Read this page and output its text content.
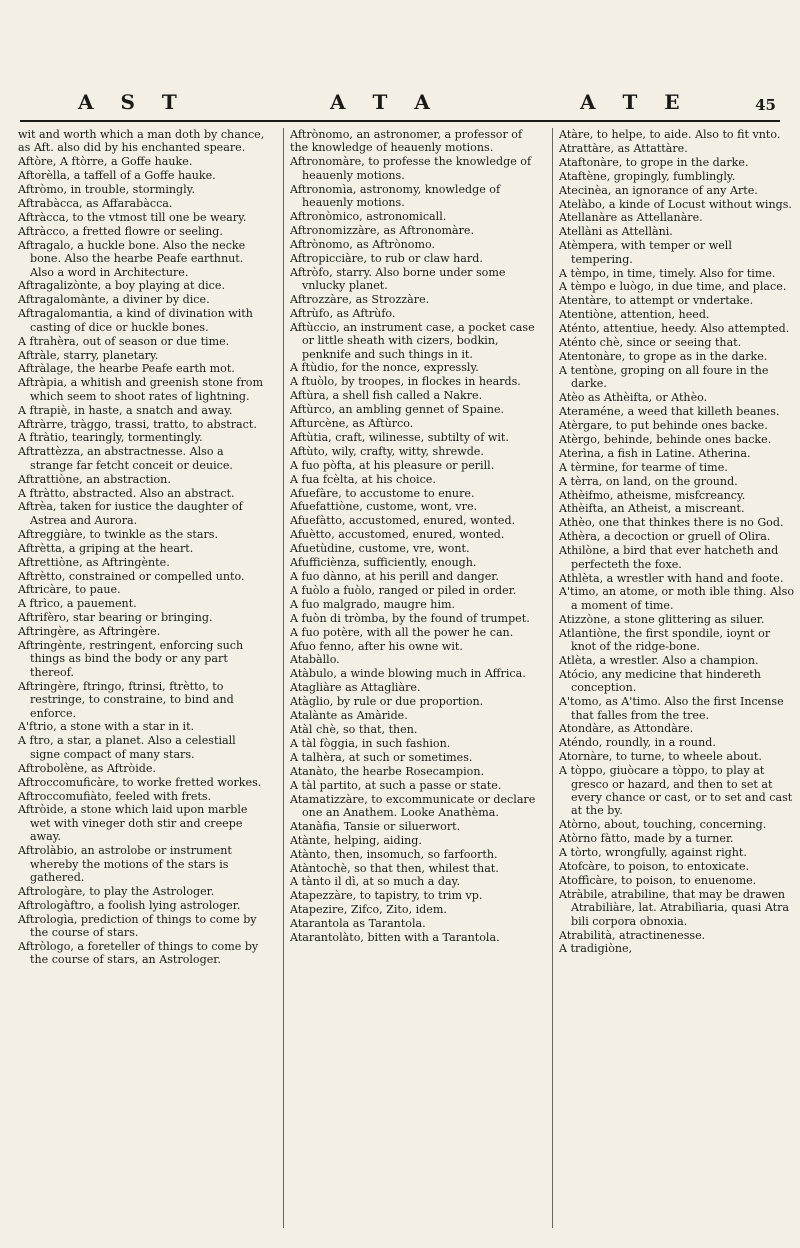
A S T	A T A	A T E	45
wit and worth which a man doth by chance, as Aft. also did by his enchanted speare.
Aftòre, A ftòrre, a Goffe hauke.
Aftorèlla, a taffell of a Goffe hauke.
Aftròmo, in trouble, stormingly.
Aftrabàcca, as Affarabàcca.
Aftràcca, to the vtmost till one be weary.
Aftràcco, a fretted flowre or seeling.
Aftragalo, a huckle bone. Also the necke bone. Also the hearbe Peafe earthnut. Also a word in Architecture.
Aftragalizònte, a boy playing at dice.
Aftragalomànte, a diviner by dice.
Aftragalomantia, a kind of divination with casting of dice or huckle bones.
A ftrahèra, out of season or due time.
Aftràle, starry, planetary.
Aftràlage, the hearbe Peafe earth mot.
Aftràpia, a whitish and greenish stone from which seem to shoot rates of lightning.
A ftrapiè, in haste, a snatch and away.
Aftràrre, tràggo, trassi, tratto, to abstract.
A ftràtio, tearingly, tormentingly.
Aftrattèzza, an abstractnesse. Also a strange far fetcht conceit or deuice.
Aftrattiòne, an abstraction.
A ftràtto, abstracted. Also an abstract.
Aftrèa, taken for iustice the daughter of Astrea and Aurora.
Aftreggiàre, to twinkle as the stars.
Aftrètta, a griping at the heart.
Aftrettiòne, as Aftringènte.
Aftrètto, constrained or compelled unto.
Aftricàre, to paue.
A ftrìco, a pauement.
Aftrifèro, star bearing or bringing.
Aftringère, as Aftringère.
Aftringènte, restringent, enforcing such things as bind the body or any part thereof.
Aftringère, ftringo, ftrinsi, ftrètto, to restringe, to constraine, to bind and enforce.
A'ftrio, a stone with a star in it.
A ftro, a star, a planet. Also a celestiall signe compact of many stars.
Aftrobolène, as Aftròide.
Aftroccomuficàre, to worke fretted workes.
Aftroccomufiàto, feeled with frets.
Aftròide, a stone which laid upon marble wet with vineger doth stir and creepe away.
Aftrolàbio, an astrolobe or instrument whereby the motions of the stars is gathered.
Aftrologàre, to play the Astrologer.
Aftrologàftro, a foolish lying astrologer.
Aftrologìa, prediction of things to come by the course of stars.
Aftròlogo, a foreteller of things to come by the course of stars, an Astrologer.
Aftrònomo, an astronomer, a professor of the knowledge of heauenly motions.
Aftronomàre, to professe the knowledge of heauenly motions.
Aftronomìa, astronomy, knowledge of heauenly motions.
Aftronòmico, astronomicall.
Aftronomizzàre, as Aftronomàre.
Aftrònomo, as Aftrònomo.
Aftropicciàre, to rub or claw hard.
Aftròfo, starry. Also borne under some vnlucky planet.
Aftrozzàre, as Strozzàre.
Aftrùfo, as Aftrùfo.
Aftùccio, an instrument case, a pocket case or little sheath with cizers, bodkin, penknife and such things in it.
A ftùdio, for the nonce, expressly.
A ftuòlo, by troopes, in flockes in heards.
Aftùra, a shell fish called a Nakre.
Aftùrco, an ambling gennet of Spaine.
Afturcène, as Aftùrco.
Aftùtia, craft, wilinesse, subtilty of wit.
Aftùto, wily, crafty, witty, shrewde.
A fuo pòfta, at his pleasure or perill.
A fua fcèlta, at his choice.
Afuefàre, to accustome to enure.
Afuefattiòne, custome, wont, vre.
Afuefàtto, accustomed, enured, wonted.
Afuètto, accustomed, enured, wonted.
Afuetùdine, custome, vre, wont.
Afufficiènza, sufficiently, enough.
A fuo dànno, at his perill and danger.
A fuòlo a fuòlo, ranged or piled in order.
A fuo malgrado, maugre him.
A fuòn di tròmba, by the found of trumpet.
A fuo potère, with all the power he can.
Afuo fenno, after his owne wit.
Atabàllo.
Atàbulo, a winde blowing much in Affrica.
Atagliàre as Attagliàre.
Atàglio, by rule or due proportion.
Atalànte as Amàride.
Atàl chè, so that, then.
A tàl fòggia, in such fashion.
A talhèra, at such or sometimes.
Atanàto, the hearbe Rosecampion.
A tàl partito, at such a passe or state.
Atamatizzàre, to excommunicate or declare one an Anathem. Looke Anathèma.
Atanàfia, Tansie or siluerwort.
Atànte, helping, aiding.
Atànto, then, insomuch, so farfoorth.
Atàntochè, so that then, whilest that.
A tànto il dì, at so much a day.
Atapezzàre, to tapistry, to trim vp.
Atapezire, Zifco, Zito, idem.
Atarantola as Tarantola.
Atarantolàto, bitten with a Tarantola.
Atàre, to helpe, to aide. Also to fit vnto.
Atrattàre, as Attattàre.
Ataftonàre, to grope in the darke.
Ataftène, gropingly, fumblingly.
Atecinèa, an ignorance of any Arte.
Atelàbo, a kinde of Locust without wings.
Atellanàre as Attellanàre.
Atellàni as Attellàni.
Atèmpera, with temper or well tempering.
A tèmpo, in time, timely. Also for time.
A tèmpo e luògo, in due time, and place.
Atentàre, to attempt or vndertake.
Atentiòne, attention, heed.
Aténto, attentiue, heedy. Also attempted.
Aténto chè, since or seeing that.
Atentonàre, to grope as in the darke.
A tentòne, groping on all foure in the darke.
Atèo as Athèifta, or Athèo.
Ateraméne, a weed that killeth beanes.
Atèrgare, to put behinde ones backe.
Atèrgo, behinde, behinde ones backe.
Aterìna, a fish in Latine. Atherina.
A tèrmine, for tearme of time.
A tèrra, on land, on the ground.
Athèifmo, atheisme, misfcreancy.
Athèifta, an Atheist, a miscreant.
Athèo, one that thinkes there is no God.
Athèra, a decoction or gruell of Olira.
Athilòne, a bird that ever hatcheth and perfecteth the foxe.
Athlèta, a wrestler with hand and foote.
A'timo, an atome, or moth ible thing. Also a moment of time.
Atizzòne, a stone glittering as siluer.
Atlantiòne, the first spondile, ioynt or knot of the ridge-bone.
Atlèta, a wrestler. Also a champion.
Atócio, any medicine that hindereth conception.
A'tomo, as A'timo. Also the first Incense that falles from the tree.
Atondàre, as Attondàre.
Aténdo, roundly, in a round.
Atornàre, to turne, to wheele about.
A tòppo, giuòcare a tòppo, to play at gresco or hazard, and then to set at every chance or cast, or to set and cast at the by.
Atòrno, about, touching, concerning.
Atòrno fàtto, made by a turner.
A tòrto, wrongfully, against right.
Atofcàre, to poison, to entoxicate.
Atoffìcàre, to poison, to enuenome.
Atràbile, atrabiline, that may be drawen Atrabiliàre, lat. Atrabilìaria, quasi Atra bili corpora obnoxia.
Atrabilità, atractinenesse.
A tradigiòne,
